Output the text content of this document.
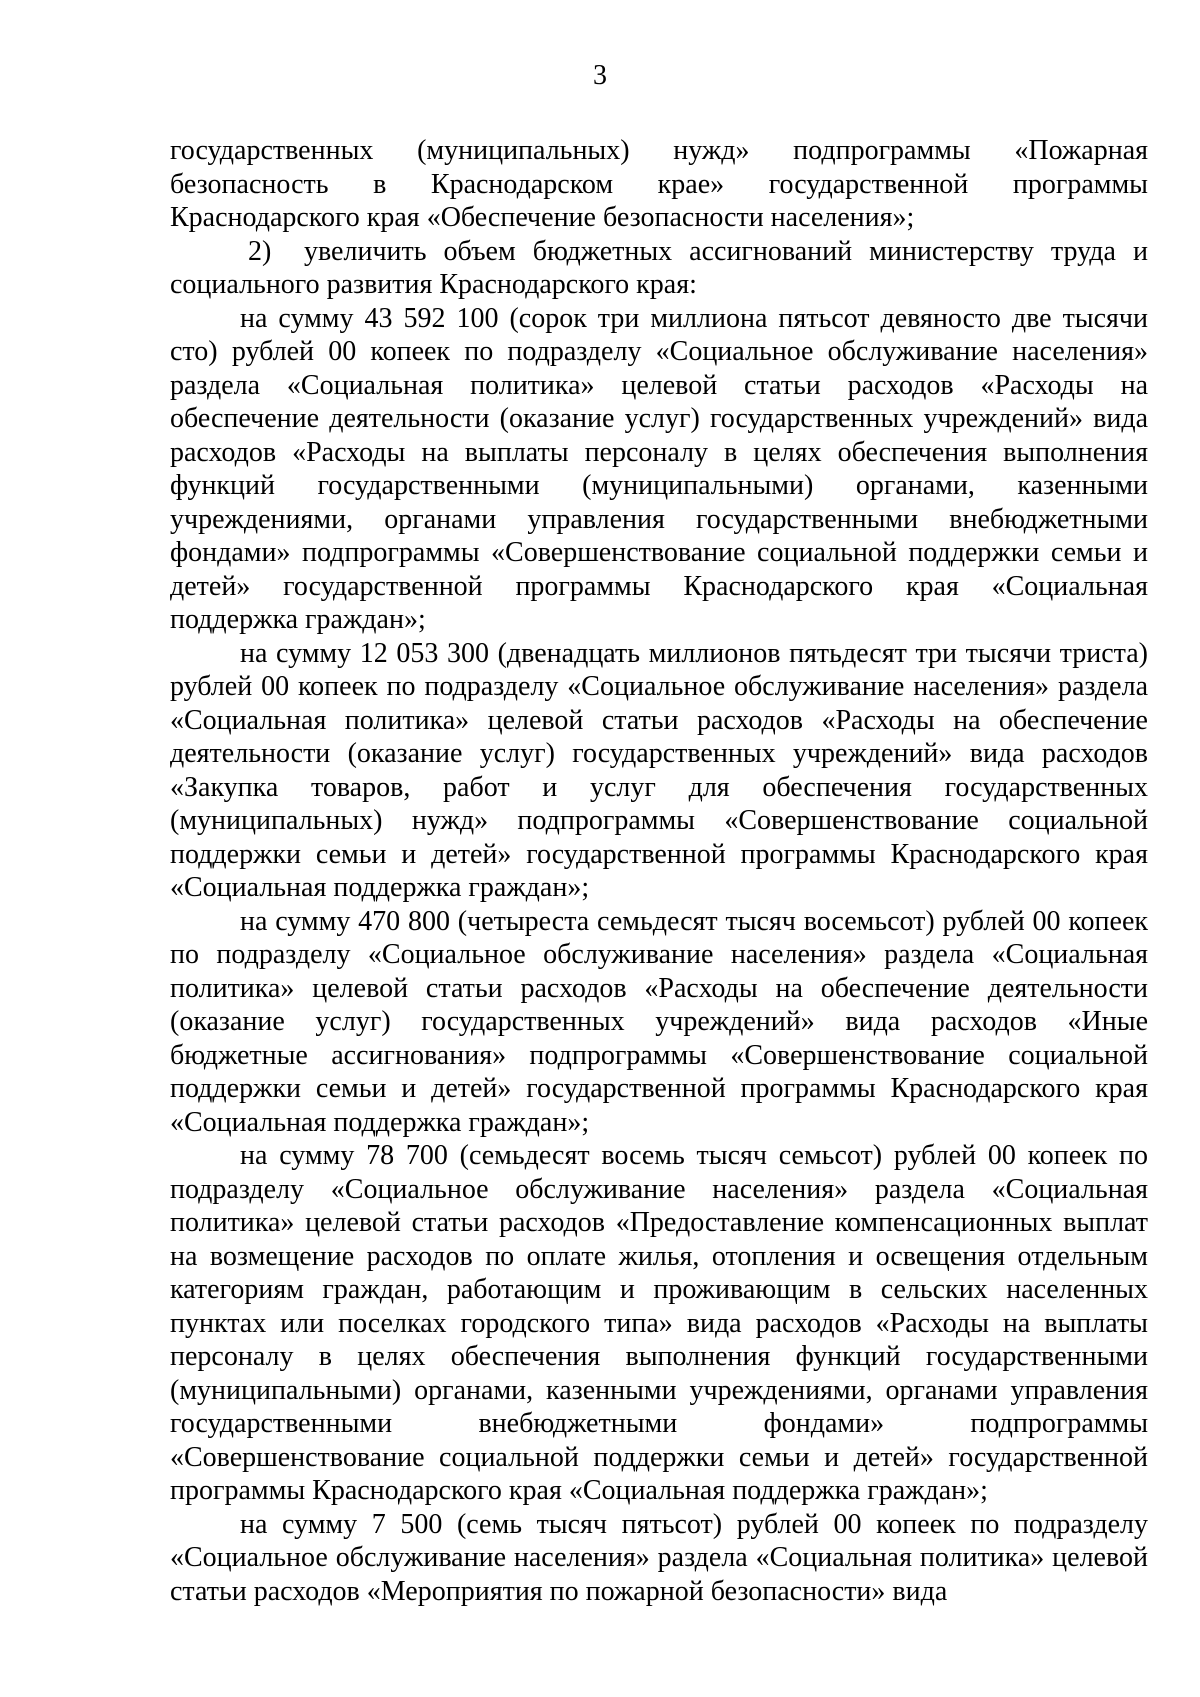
3

государственных (муниципальных) нужд» подпрограммы «Пожарная безопасность в Краснодарском крае» государственной программы Краснодарского края «Обеспечение безопасности населения»;

2) увеличить объем бюджетных ассигнований министерству труда и социального развития Краснодарского края:

на сумму 43 592 100 (сорок три миллиона пятьсот девяносто две тысячи сто) рублей 00 копеек по подразделу «Социальное обслуживание населения» раздела «Социальная политика» целевой статьи расходов «Расходы на обеспечение деятельности (оказание услуг) государственных учреждений» вида расходов «Расходы на выплаты персоналу в целях обеспечения выполнения функций государственными (муниципальными) органами, казенными учреждениями, органами управления государственными внебюджетными фондами» подпрограммы «Совершенствование социальной поддержки семьи и детей» государственной программы Краснодарского края «Социальная поддержка граждан»;

на сумму 12 053 300 (двенадцать миллионов пятьдесят три тысячи триста) рублей 00 копеек по подразделу «Социальное обслуживание населения» раздела «Социальная политика» целевой статьи расходов «Расходы на обеспечение деятельности (оказание услуг) государственных учреждений» вида расходов «Закупка товаров, работ и услуг для обеспечения государственных (муниципальных) нужд» подпрограммы «Совершенствование социальной поддержки семьи и детей» государственной программы Краснодарского края «Социальная поддержка граждан»;

на сумму 470 800 (четыреста семьдесят тысяч восемьсот) рублей 00 копеек по подразделу «Социальное обслуживание населения» раздела «Социальная политика» целевой статьи расходов «Расходы на обеспечение деятельности (оказание услуг) государственных учреждений» вида расходов «Иные бюджетные ассигнования» подпрограммы «Совершенствование социальной поддержки семьи и детей» государственной программы Краснодарского края «Социальная поддержка граждан»;

на сумму 78 700 (семьдесят восемь тысяч семьсот) рублей 00 копеек по подразделу «Социальное обслуживание населения» раздела «Социальная политика» целевой статьи расходов «Предоставление компенсационных выплат на возмещение расходов по оплате жилья, отопления и освещения отдельным категориям граждан, работающим и проживающим в сельских населенных пунктах или поселках городского типа» вида расходов «Расходы на выплаты персоналу в целях обеспечения выполнения функций государственными (муниципальными) органами, казенными учреждениями, органами управления государственными внебюджетными фондами» подпрограммы «Совершенствование социальной поддержки семьи и детей» государственной программы Краснодарского края «Социальная поддержка граждан»;

на сумму 7 500 (семь тысяч пятьсот) рублей 00 копеек по подразделу «Социальное обслуживание населения» раздела «Социальная политика» целевой статьи расходов «Мероприятия по пожарной безопасности» вида
